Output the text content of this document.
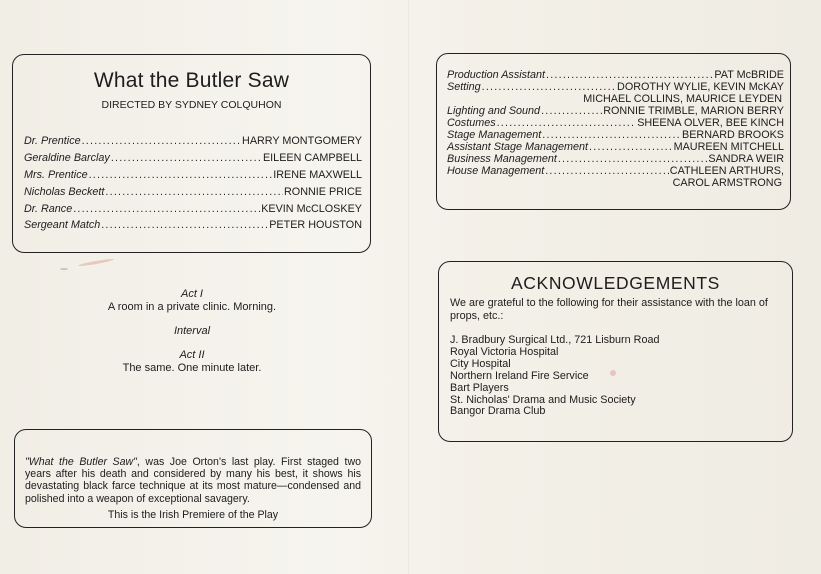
What the Butler Saw
DIRECTED BY SYDNEY COLQUHON
Dr. Prentice .....	HARRY MONTGOMERY
Geraldine Barclay .....	EILEEN CAMPBELL
Mrs. Prentice .....	IRENE MAXWELL
Nicholas Beckett .....	RONNIE PRICE
Dr. Rance .....	KEVIN McCLOSKEY
Sergeant Match .....	PETER HOUSTON
Act I
A room in a private clinic. Morning.
Interval
Act II
The same. One minute later.
"What the Butler Saw", was Joe Orton's last play. First staged two years after his death and considered by many his best, it shows his devastating black farce technique at its most mature—condensed and polished into a weapon of exceptional savagery.
This is the Irish Premiere of the Play
Production Assistant .....	PAT McBRIDE
Setting .....	DOROTHY WYLIE, KEVIN McKAY
MICHAEL COLLINS, MAURICE LEYDEN
Lighting and Sound .....	RONNIE TRIMBLE, MARION BERRY
Costumes .....	SHEENA OLVER, BEE KINCH
Stage Management .....	BERNARD BROOKS
Assistant Stage Management .....	MAUREEN MITCHELL
Business Management .....	SANDRA WEIR
House Management .....	CATHLEEN ARTHURS,
CAROL ARMSTRONG
ACKNOWLEDGEMENTS
We are grateful to the following for their assistance with the loan of props, etc.:
J. Bradbury Surgical Ltd., 721 Lisburn Road
Royal Victoria Hospital
City Hospital
Northern Ireland Fire Service
Bart Players
St. Nicholas' Drama and Music Society
Bangor Drama Club
